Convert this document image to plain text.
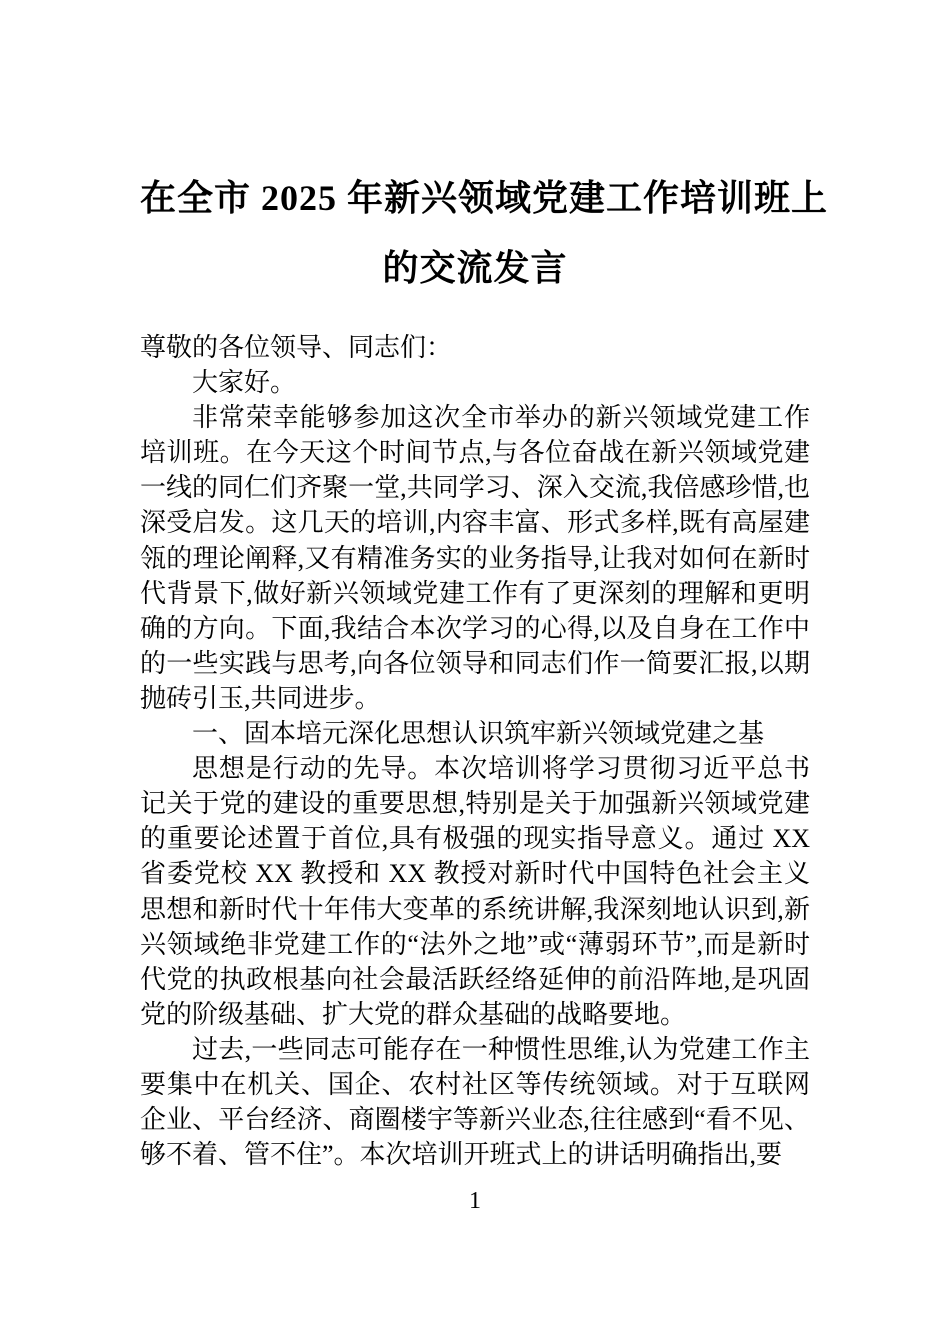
在全市 2025 年新兴领域党建工作培训班上
的交流发言

尊敬的各位领导、同志们：

大家好。

非常荣幸能够参加这次全市举办的新兴领域党建工作培训班。在今天这个时间节点,与各位奋战在新兴领域党建一线的同仁们齐聚一堂,共同学习、深入交流,我倍感珍惜,也深受启发。这几天的培训,内容丰富、形式多样,既有高屋建瓴的理论阐释,又有精准务实的业务指导,让我对如何在新时代背景下,做好新兴领域党建工作有了更深刻的理解和更明确的方向。下面,我结合本次学习的心得,以及自身在工作中的一些实践与思考,向各位领导和同志们作一简要汇报,以期抛砖引玉,共同进步。

一、固本培元深化思想认识筑牢新兴领域党建之基

思想是行动的先导。本次培训将学习贯彻习近平总书记关于党的建设的重要思想,特别是关于加强新兴领域党建的重要论述置于首位,具有极强的现实指导意义。通过 XX 省委党校 XX 教授和 XX 教授对新时代中国特色社会主义思想和新时代十年伟大变革的系统讲解,我深刻地认识到,新兴领域绝非党建工作的“法外之地”或“薄弱环节”,而是新时代党的执政根基向社会最活跃经络延伸的前沿阵地,是巩固党的阶级基础、扩大党的群众基础的战略要地。

过去,一些同志可能存在一种惯性思维,认为党建工作主要集中在机关、国企、农村社区等传统领域。对于互联网企业、平台经济、商圈楼宇等新兴业态,往往感到“看不见、够不着、管不住”。本次培训开班式上的讲话明确指出,要

1
